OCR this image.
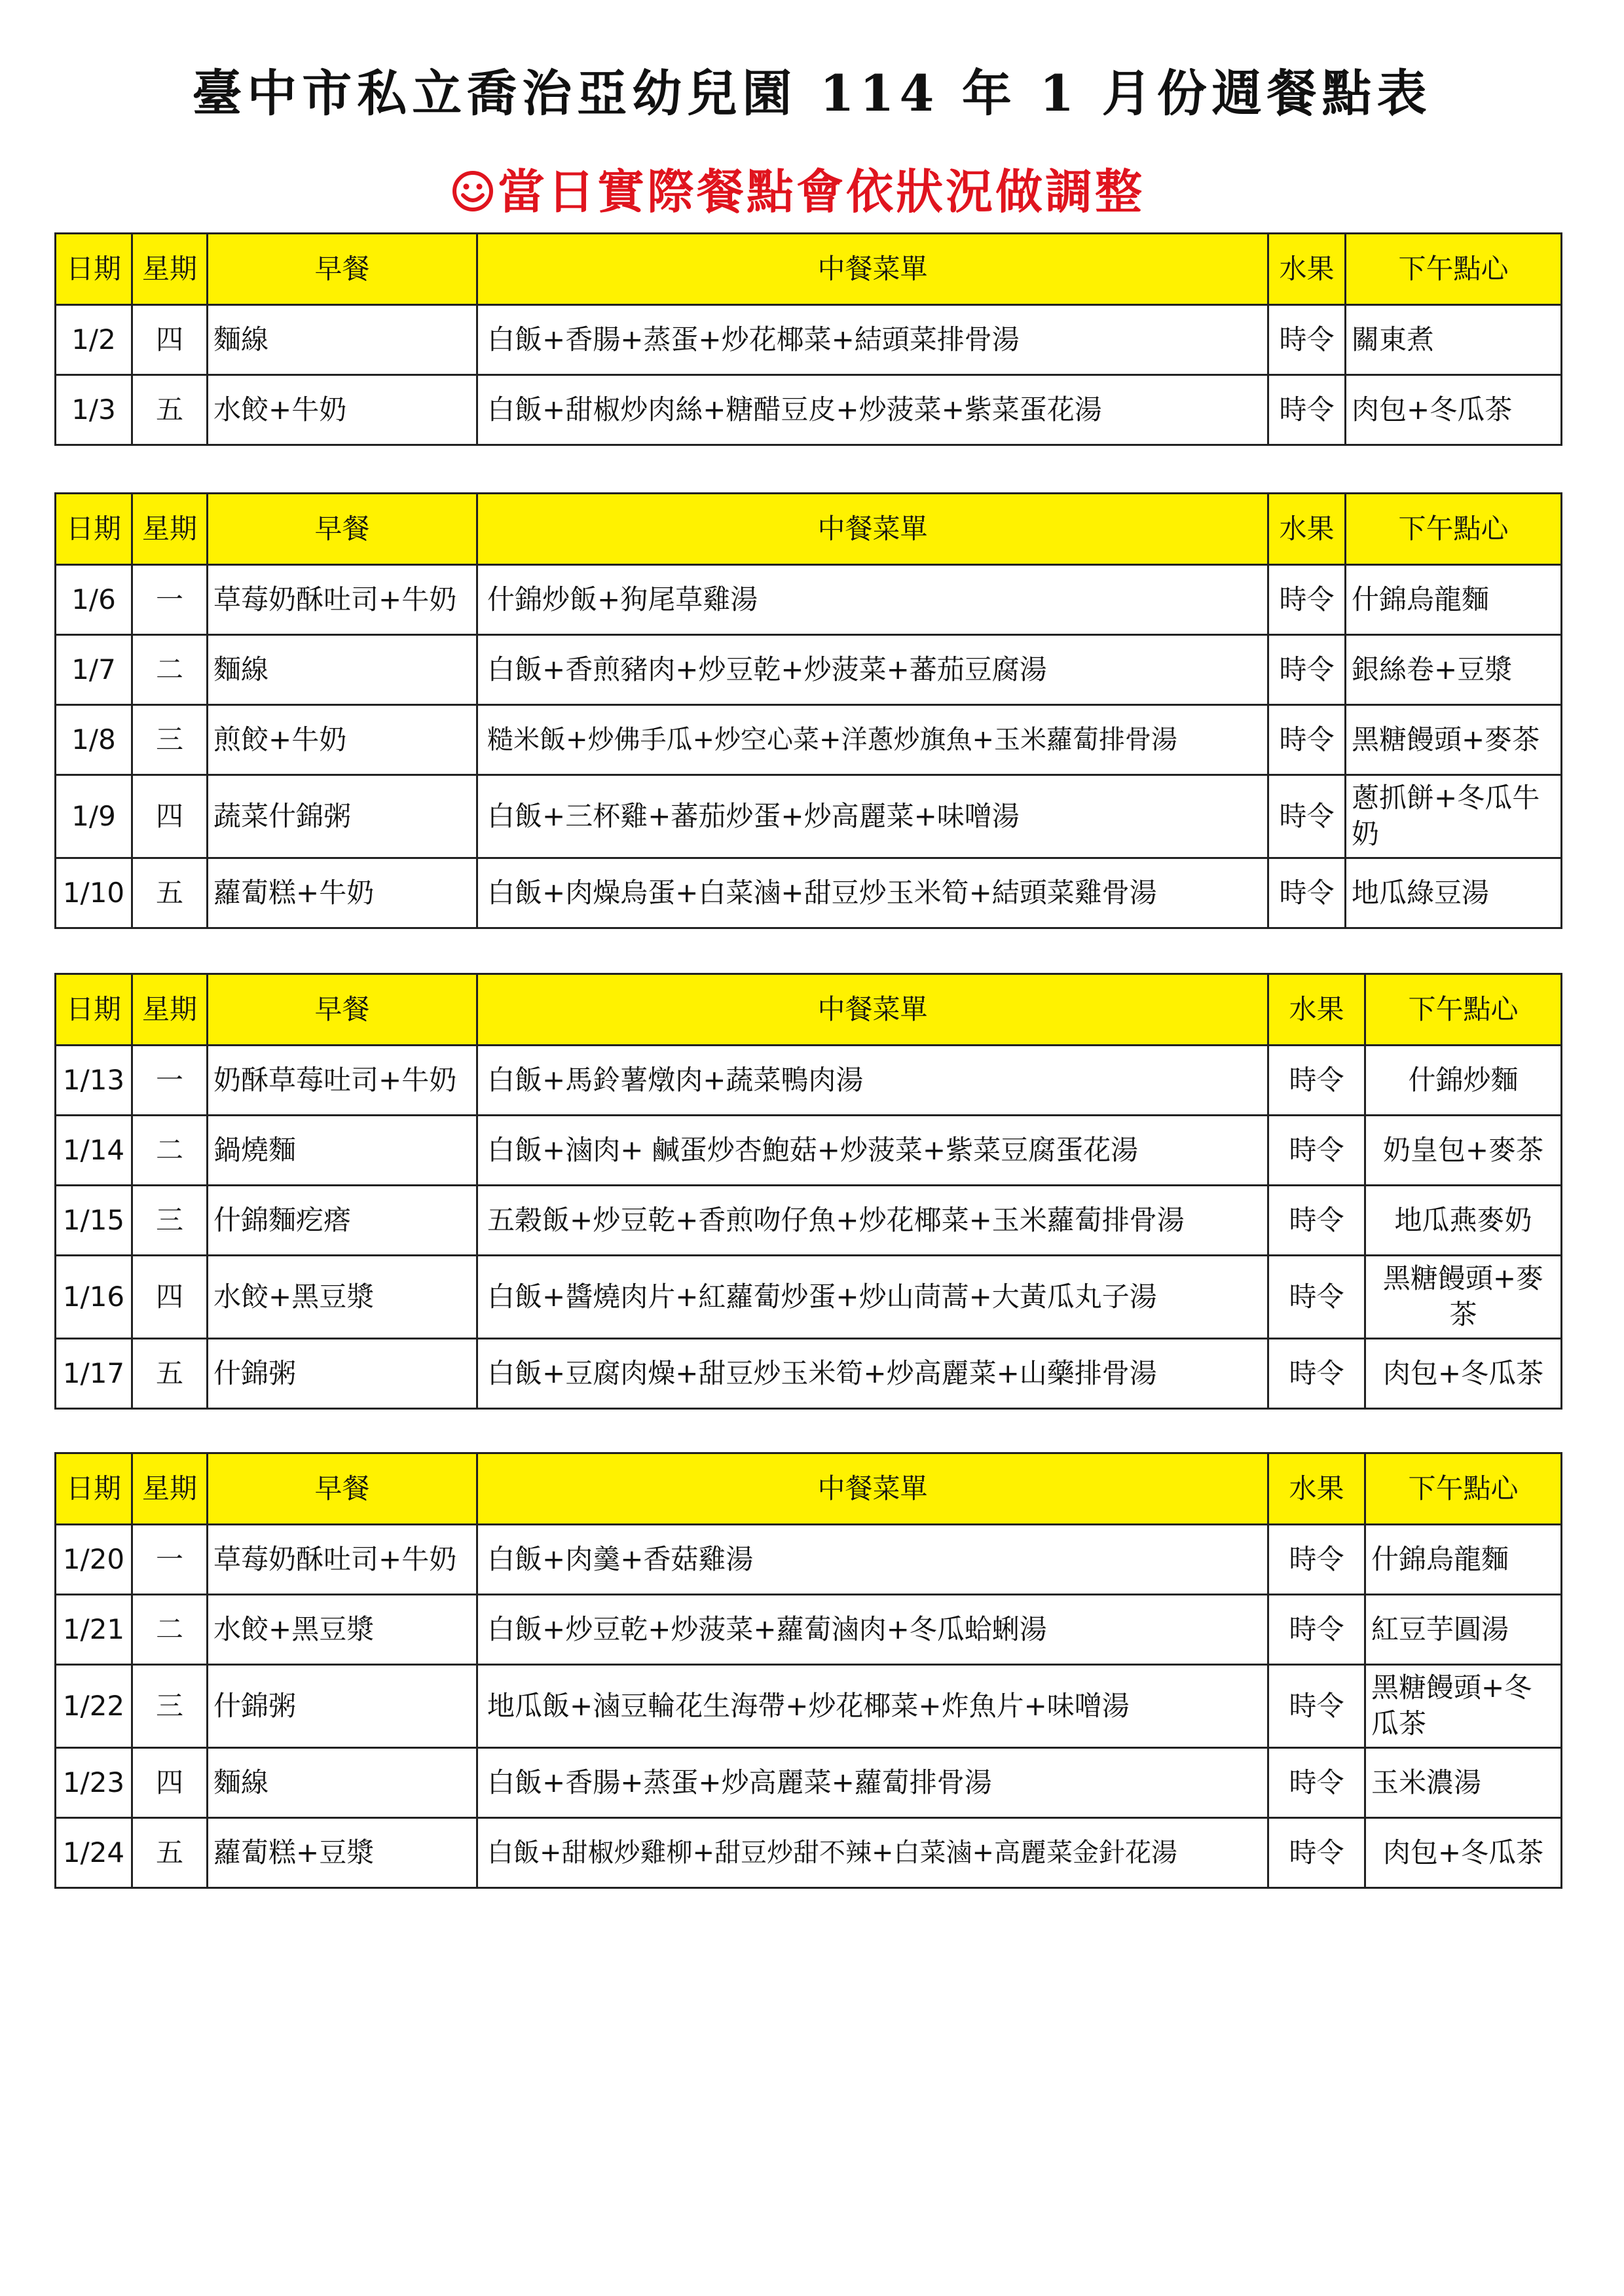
臺中市私立喬治亞幼兒園 114 年 1 月份週餐點表
當日實際餐點會依狀況做調整
日期	星期	早餐	中餐菜單	水果	下午點心
1/2	四	麵線	白飯+香腸+蒸蛋+炒花椰菜+結頭菜排骨湯	時令	關東煮
1/3	五	水餃+牛奶	白飯+甜椒炒肉絲+糖醋豆皮+炒菠菜+紫菜蛋花湯	時令	肉包+冬瓜茶
日期	星期	早餐	中餐菜單	水果	下午點心
1/6	一	草莓奶酥吐司+牛奶	什錦炒飯+狗尾草雞湯	時令	什錦烏龍麵
1/7	二	麵線	白飯+香煎豬肉+炒豆乾+炒菠菜+蕃茄豆腐湯	時令	銀絲卷+豆漿
1/8	三	煎餃+牛奶	糙米飯+炒佛手瓜+炒空心菜+洋蔥炒旗魚+玉米蘿蔔排骨湯	時令	黑糖饅頭+麥茶
1/9	四	蔬菜什錦粥	白飯+三杯雞+蕃茄炒蛋+炒高麗菜+味噌湯	時令	蔥抓餅+冬瓜牛奶
1/10	五	蘿蔔糕+牛奶	白飯+肉燥烏蛋+白菜滷+甜豆炒玉米筍+結頭菜雞骨湯	時令	地瓜綠豆湯
日期	星期	早餐	中餐菜單	水果	下午點心
1/13	一	奶酥草莓吐司+牛奶	白飯+馬鈴薯燉肉+蔬菜鴨肉湯	時令	什錦炒麵
1/14	二	鍋燒麵	白飯+滷肉+ 鹹蛋炒杏鮑菇+炒菠菜+紫菜豆腐蛋花湯	時令	奶皇包+麥茶
1/15	三	什錦麵疙瘩	五穀飯+炒豆乾+香煎吻仔魚+炒花椰菜+玉米蘿蔔排骨湯	時令	地瓜燕麥奶
1/16	四	水餃+黑豆漿	白飯+醬燒肉片+紅蘿蔔炒蛋+炒山茼蒿+大黃瓜丸子湯	時令	黑糖饅頭+麥茶
1/17	五	什錦粥	白飯+豆腐肉燥+甜豆炒玉米筍+炒高麗菜+山藥排骨湯	時令	肉包+冬瓜茶
日期	星期	早餐	中餐菜單	水果	下午點心
1/20	一	草莓奶酥吐司+牛奶	白飯+肉羹+香菇雞湯	時令	什錦烏龍麵
1/21	二	水餃+黑豆漿	白飯+炒豆乾+炒菠菜+蘿蔔滷肉+冬瓜蛤蜊湯	時令	紅豆芋圓湯
1/22	三	什錦粥	地瓜飯+滷豆輪花生海帶+炒花椰菜+炸魚片+味噌湯	時令	黑糖饅頭+冬瓜茶
1/23	四	麵線	白飯+香腸+蒸蛋+炒高麗菜+蘿蔔排骨湯	時令	玉米濃湯
1/24	五	蘿蔔糕+豆漿	白飯+甜椒炒雞柳+甜豆炒甜不辣+白菜滷+高麗菜金針花湯	時令	肉包+冬瓜茶
